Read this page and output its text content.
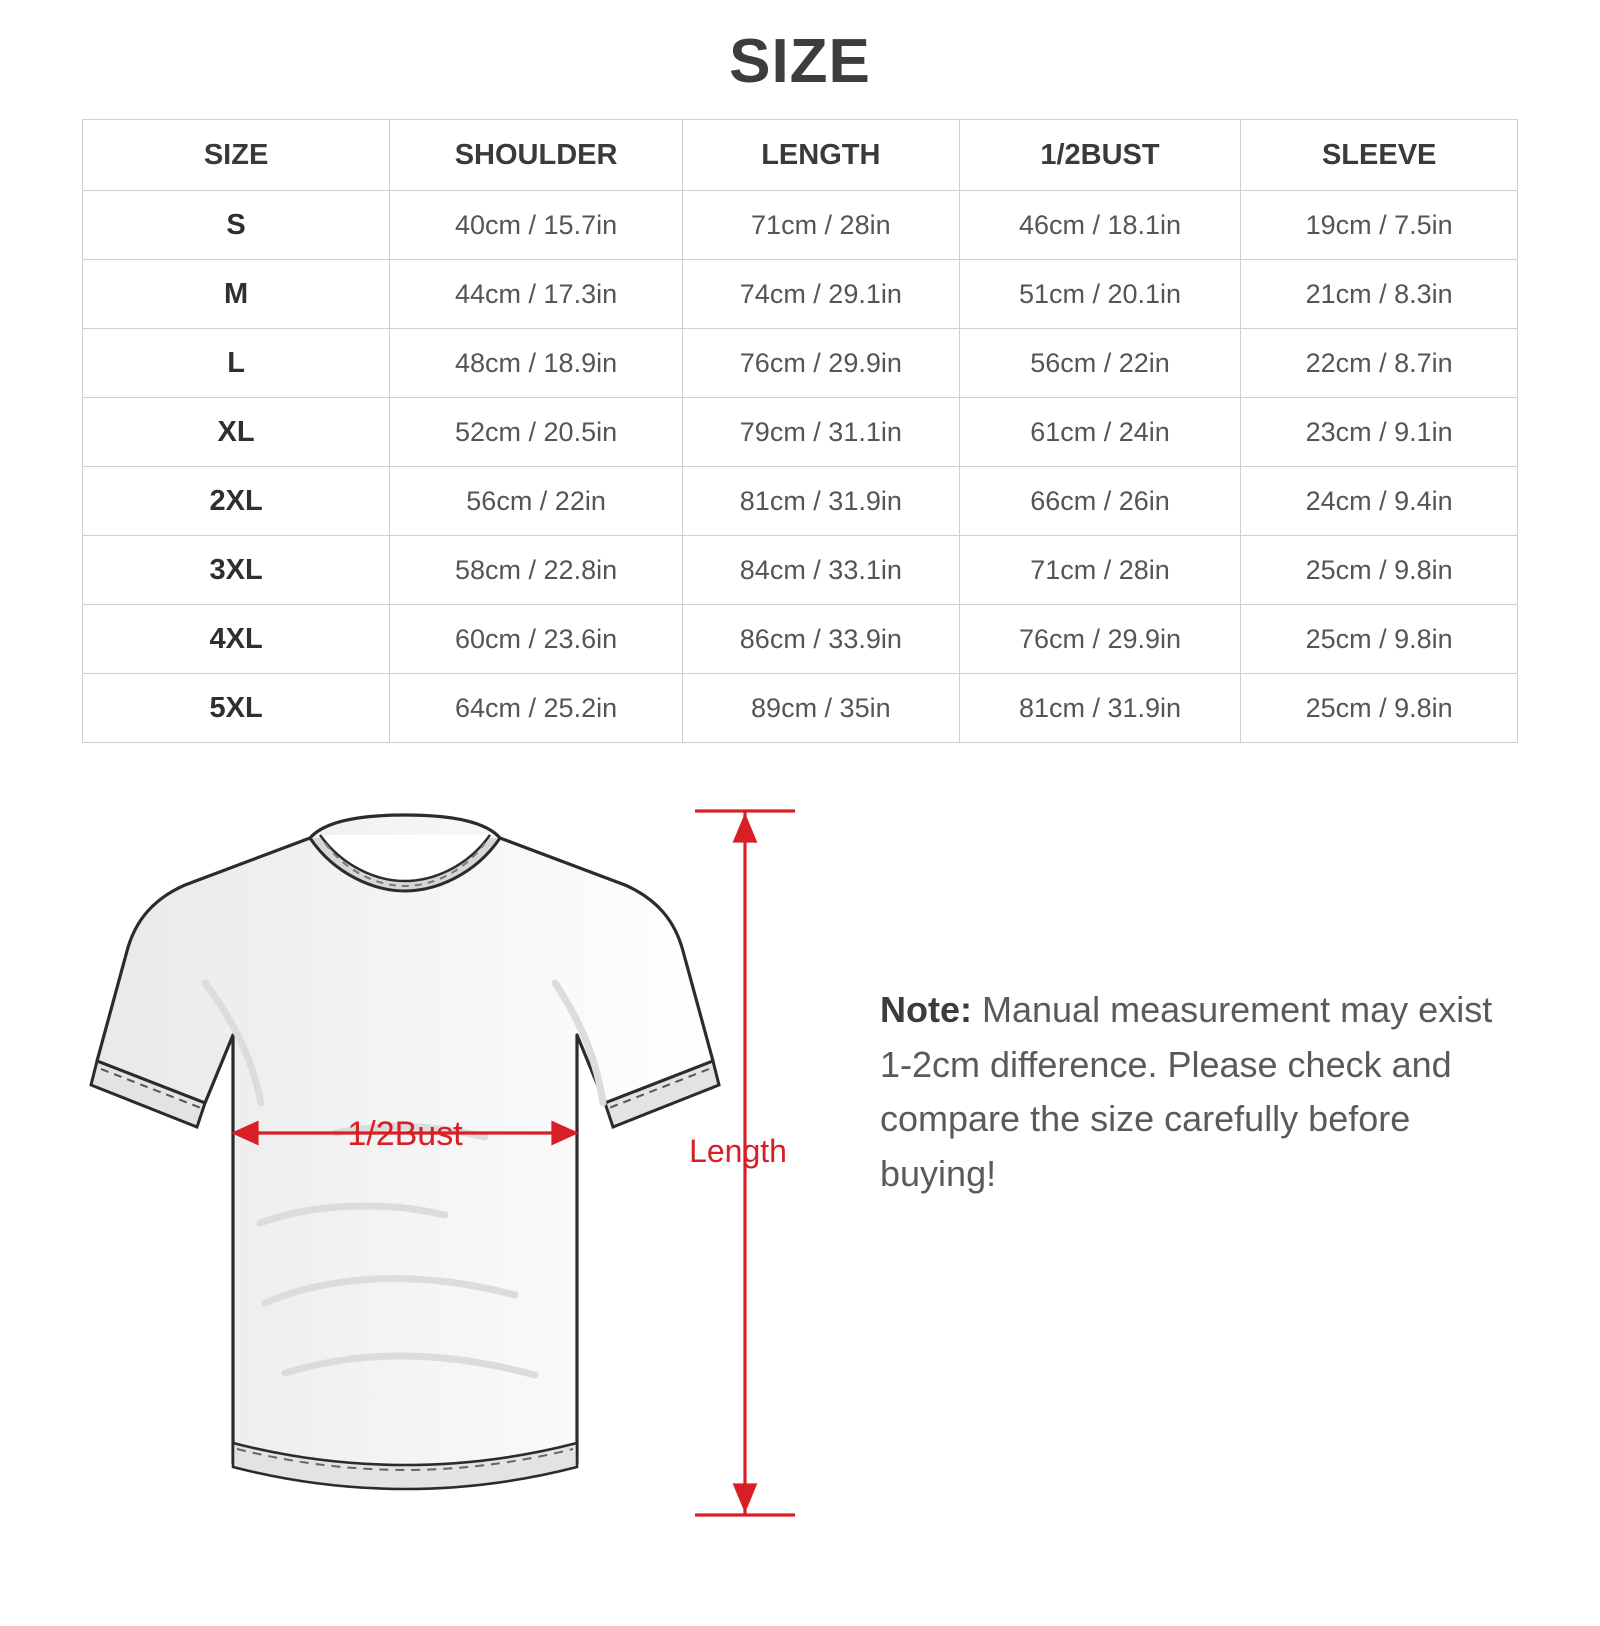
SIZE
SIZE	SHOULDER	LENGTH	1/2BUST	SLEEVE
S	40cm / 15.7in	71cm / 28in	46cm / 18.1in	19cm / 7.5in
M	44cm / 17.3in	74cm / 29.1in	51cm / 20.1in	21cm / 8.3in
L	48cm / 18.9in	76cm / 29.9in	56cm / 22in	22cm / 8.7in
XL	52cm / 20.5in	79cm / 31.1in	61cm / 24in	23cm / 9.1in
2XL	56cm / 22in	81cm / 31.9in	66cm / 26in	24cm / 9.4in
3XL	58cm / 22.8in	84cm / 33.1in	71cm / 28in	25cm / 9.8in
4XL	60cm / 23.6in	86cm / 33.9in	76cm / 29.9in	25cm / 9.8in
5XL	64cm / 25.2in	89cm / 35in	81cm / 31.9in	25cm / 9.8in
1/2Bust	Length
Note: Manual measurement may exist 1-2cm difference. Please check and compare the size carefully before buying!
